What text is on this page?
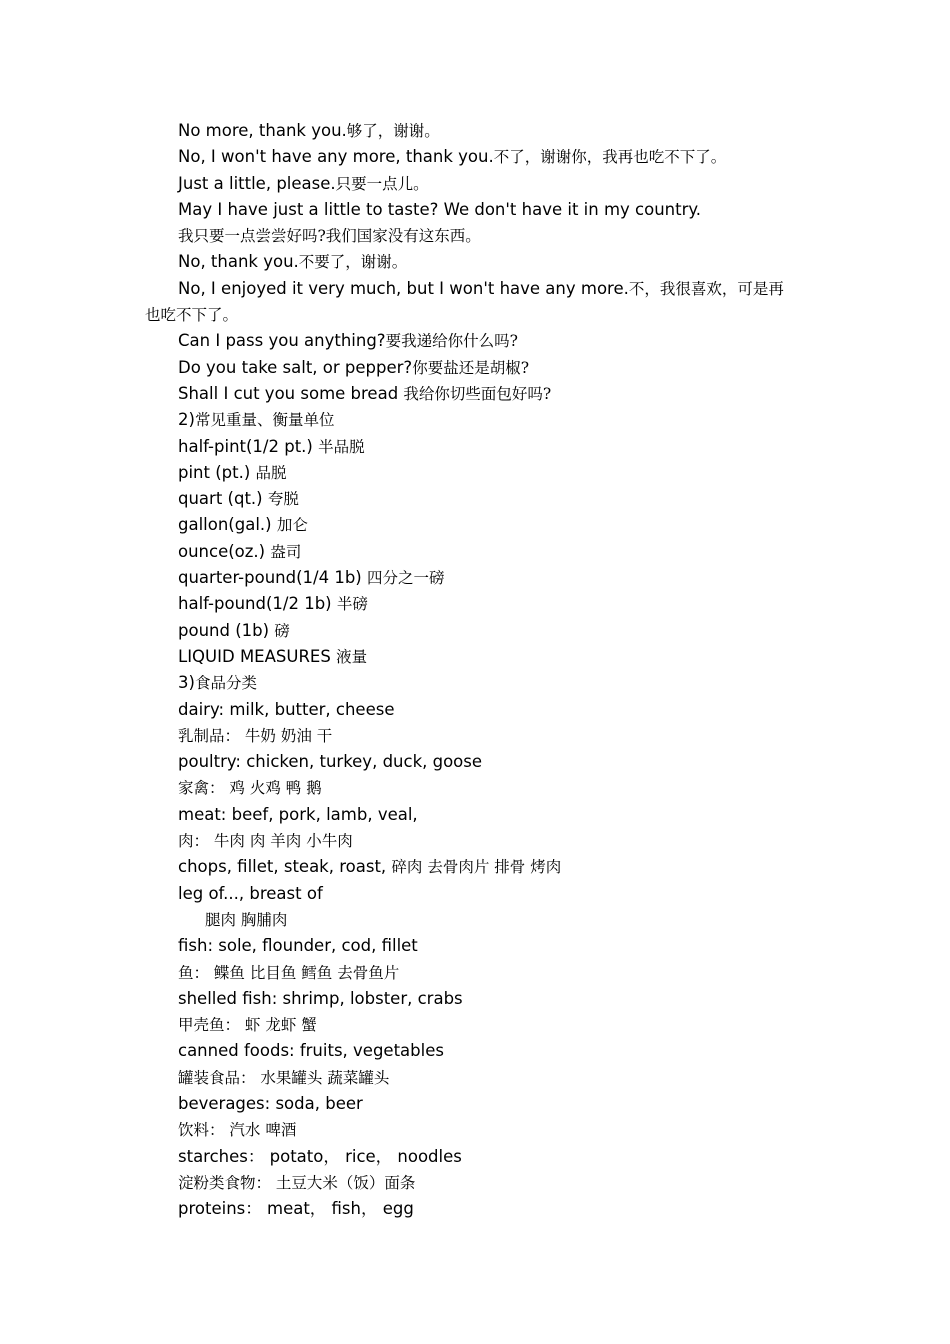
No more, thank you.够了，谢谢。
No, I won't have any more, thank you.不了，谢谢你，我再也吃不下了。
Just a little, please.只要一点儿。
May I have just a little to taste? We don't have it in my country.
我只要一点尝尝好吗?我们国家没有这东西。
No, thank you.不要了，谢谢。
No, I enjoyed it very much, but I won't have any more.不，我很喜欢，可是再
也吃不下了。
Can I pass you anything?要我递给你什么吗?
Do you take salt, or pepper?你要盐还是胡椒?
Shall I cut you some bread 我给你切些面包好吗?
2)常见重量、衡量单位
half-pint(1/2 pt.) 半品脱
pint (pt.) 品脱
quart (qt.) 夸脱
gallon(gal.) 加仑
ounce(oz.) 盎司
quarter-pound(1/4 1b) 四分之一磅
half-pound(1/2 1b) 半磅
pound (1b) 磅
LIQUID MEASURES 液量
3)食品分类
dairy: milk, butter, cheese
乳制品： 牛奶 奶油 干
poultry: chicken, turkey, duck, goose
家禽： 鸡 火鸡 鸭 鹅
meat: beef, pork, lamb, veal,
肉： 牛肉 肉 羊肉 小牛肉
chops, fillet, steak, roast, 碎肉 去骨肉片 排骨 烤肉
leg of..., breast of
腿肉 胸脯肉
fish: sole, flounder, cod, fillet
鱼： 鲽鱼 比目鱼 鳕鱼 去骨鱼片
shelled fish: shrimp, lobster, crabs
甲壳鱼： 虾 龙虾 蟹
canned foods: fruits, vegetables
罐装食品： 水果罐头 蔬菜罐头
beverages: soda, beer
饮料： 汽水 啤酒
starches： potato， rice， noodles
淀粉类食物： 土豆大米（饭）面条
proteins： meat， fish， egg
